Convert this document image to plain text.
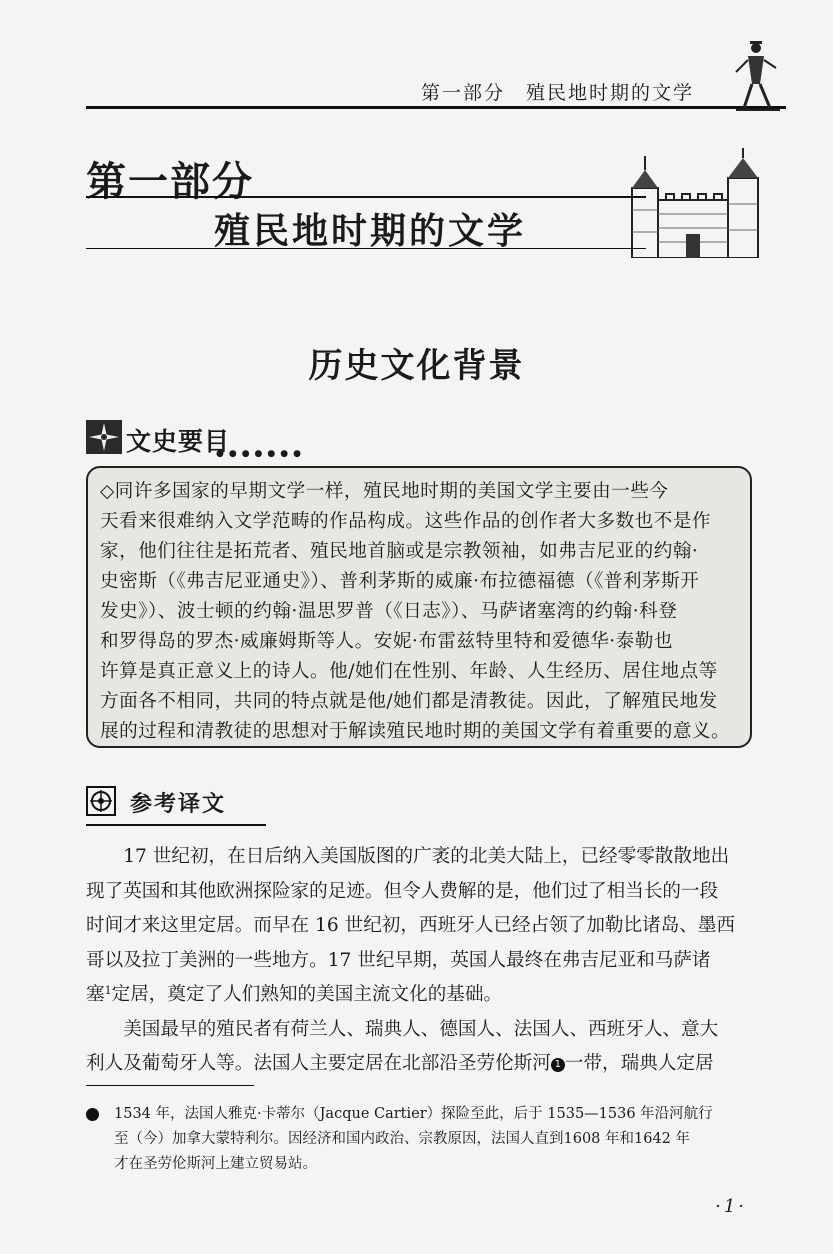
第一部分　殖民地时期的文学
第一部分
殖民地时期的文学
历史文化背景
文史要目
●●●●●●●
◇同许多国家的早期文学一样，殖民地时期的美国文学主要由一些今
天看来很难纳入文学范畴的作品构成。这些作品的创作者大多数也不是作
家，他们往往是拓荒者、殖民地首脑或是宗教领袖，如弗吉尼亚的约翰·
史密斯（《弗吉尼亚通史》）、普利茅斯的威廉·布拉德福德（《普利茅斯开
发史》）、波士顿的约翰·温思罗普（《日志》）、马萨诸塞湾的约翰·科登
和罗得岛的罗杰·威廉姆斯等人。安妮·布雷兹特里特和爱德华·泰勒也
许算是真正意义上的诗人。他/她们在性别、年龄、人生经历、居住地点等
方面各不相同，共同的特点就是他/她们都是清教徒。因此，了解殖民地发
展的过程和清教徒的思想对于解读殖民地时期的美国文学有着重要的意义。
参考译文
　　17 世纪初，在日后纳入美国版图的广袤的北美大陆上，已经零零散散地出
现了英国和其他欧洲探险家的足迹。但令人费解的是，他们过了相当长的一段
时间才来这里定居。而早在 16 世纪初，西班牙人已经占领了加勒比诸岛、墨西
哥以及拉丁美洲的一些地方。17 世纪早期，英国人最终在弗吉尼亚和马萨诸
塞$^1$定居，奠定了人们熟知的美国主流文化的基础。
　　美国最早的殖民者有荷兰人、瑞典人、德国人、法国人、西班牙人、意大
利人及葡萄牙人等。法国人主要定居在北部沿圣劳伦斯河 1 一带，瑞典人定居
1534 年，法国人雅克·卡蒂尔（Jacque Cartier）探险至此，后于 1535—1536 年沿河航行
至（今）加拿大蒙特利尔。因经济和国内政治、宗教原因，法国人直到1608 年和1642 年
才在圣劳伦斯河上建立贸易站。
·1·
